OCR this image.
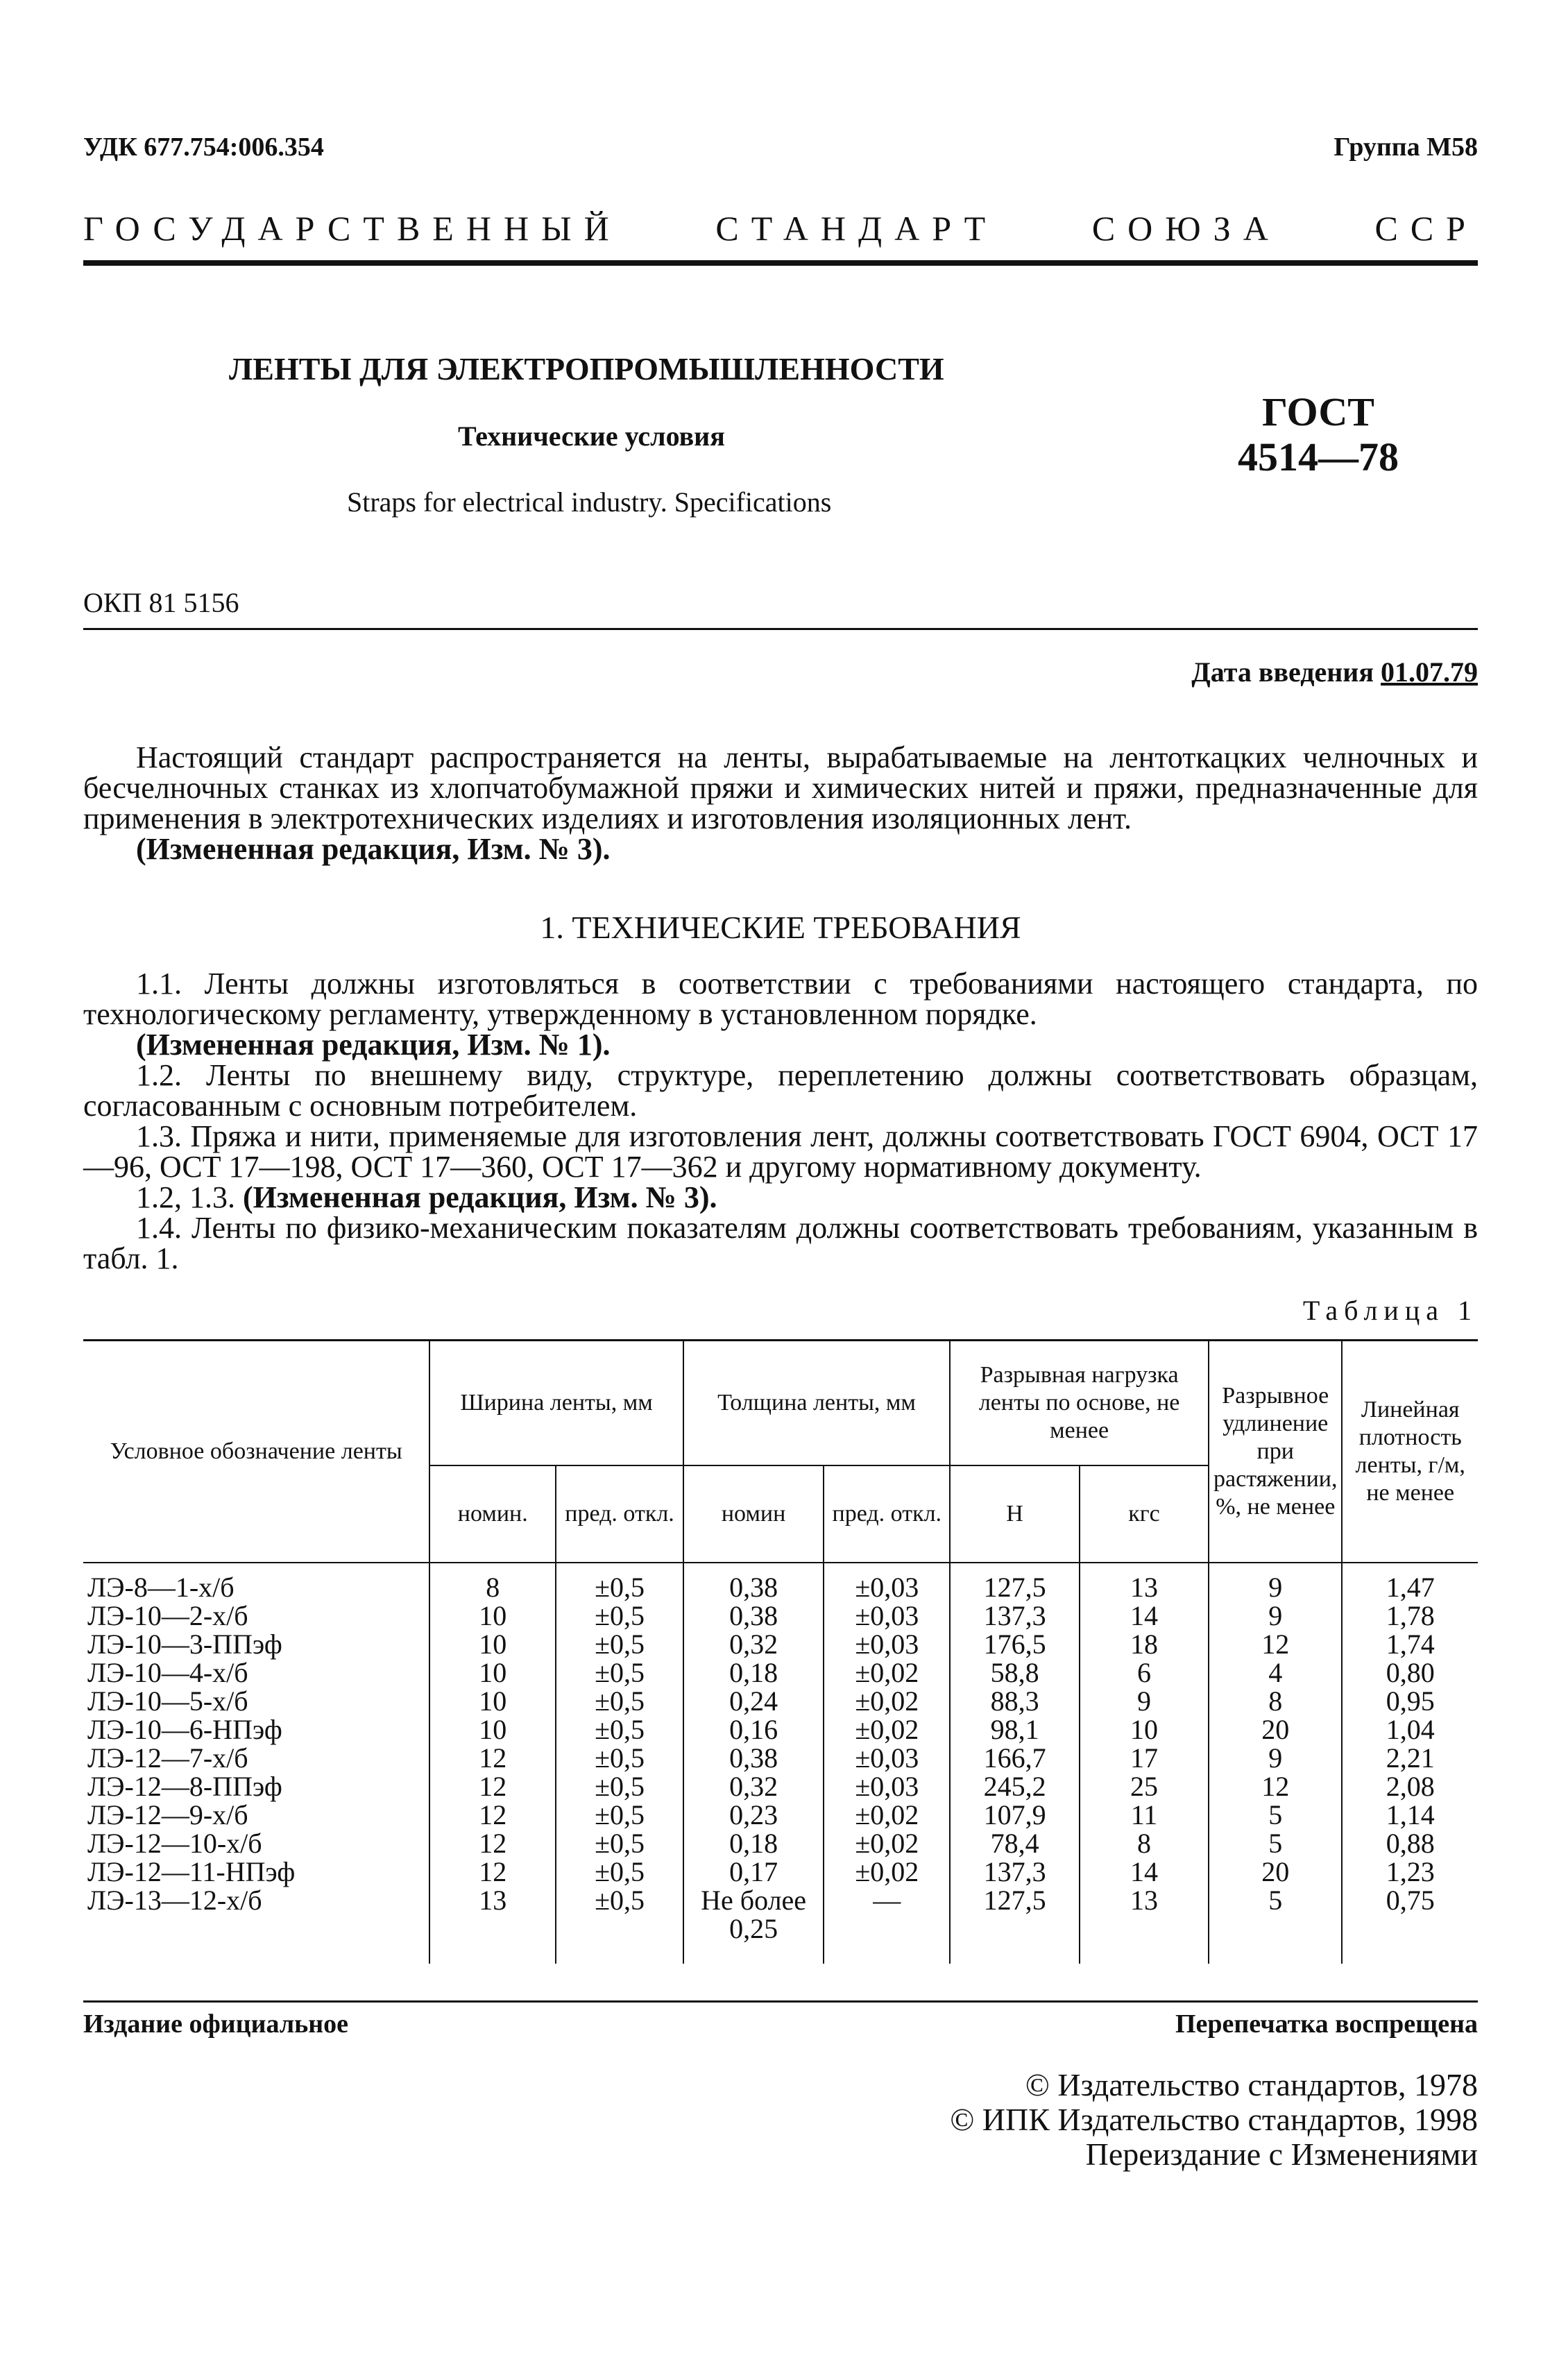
УДК 677.754:006.354	Группа М58
ГОСУДАРСТВЕННЫЙ СТАНДАРТ СОЮЗА ССР
ЛЕНТЫ ДЛЯ ЭЛЕКТРОПРОМЫШЛЕННОСТИ
Технические условия
Straps for electrical industry. Specifications
ГОСТ
4514—78
ОКП 81 5156
Дата введения 01.07.79

Настоящий стандарт распространяется на ленты, вырабатываемые на лентоткацких челночных и бесчелночных станках из хлопчатобумажной пряжи и химических нитей и пряжи, предназначенные для применения в электротехнических изделиях и изготовления изоляционных лент.

(Измененная редакция, Изм. № 3).

1. ТЕХНИЧЕСКИЕ ТРЕБОВАНИЯ

1.1. Ленты должны изготовляться в соответствии с требованиями настоящего стандарта, по технологическому регламенту, утвержденному в установленном порядке.

(Измененная редакция, Изм. № 1).

1.2. Ленты по внешнему виду, структуре, переплетению должны соответствовать образцам, согласованным с основным потребителем.

1.3. Пряжа и нити, применяемые для изготовления лент, должны соответствовать ГОСТ 6904, ОСТ 17—96, ОСТ 17—198, ОСТ 17—360, ОСТ 17—362 и другому нормативному документу.

1.2, 1.3. (Измененная редакция, Изм. № 3).

1.4. Ленты по физико-механическим показателям должны соответствовать требованиям, указанным в табл. 1.

Таблица 1
Условное обозначение ленты	Ширина ленты, мм		Толщина ленты, мм		Разрывная нагрузка ленты по основе, не менее		Разрывное удлинение при растяжении, %, не менее	Линейная плотность ленты, г/м, не менее
	номин.	пред. откл.	номин	пред. откл.	Н	кгс		
ЛЭ-8—1-х/б	8	±0,5	0,38	±0,03	127,5	13	9	1,47
ЛЭ-10—2-х/б	10	±0,5	0,38	±0,03	137,3	14	9	1,78
ЛЭ-10—3-ППэф	10	±0,5	0,32	±0,03	176,5	18	12	1,74
ЛЭ-10—4-х/б	10	±0,5	0,18	±0,02	58,8	6	4	0,80
ЛЭ-10—5-х/б	10	±0,5	0,24	±0,02	88,3	9	8	0,95
ЛЭ-10—6-НПэф	10	±0,5	0,16	±0,02	98,1	10	20	1,04
ЛЭ-12—7-х/б	12	±0,5	0,38	±0,03	166,7	17	9	2,21
ЛЭ-12—8-ППэф	12	±0,5	0,32	±0,03	245,2	25	12	2,08
ЛЭ-12—9-х/б	12	±0,5	0,23	±0,02	107,9	11	5	1,14
ЛЭ-12—10-х/б	12	±0,5	0,18	±0,02	78,4	8	5	0,88
ЛЭ-12—11-НПэф	12	±0,5	0,17	±0,02	137,3	14	20	1,23
ЛЭ-13—12-х/б	13	±0,5	Не более 0,25	—	127,5	13	5	0,75
Издание официальное	Перепечатка воспрещена
© Издательство стандартов, 1978
© ИПК Издательство стандартов, 1998
Переиздание с Изменениями
